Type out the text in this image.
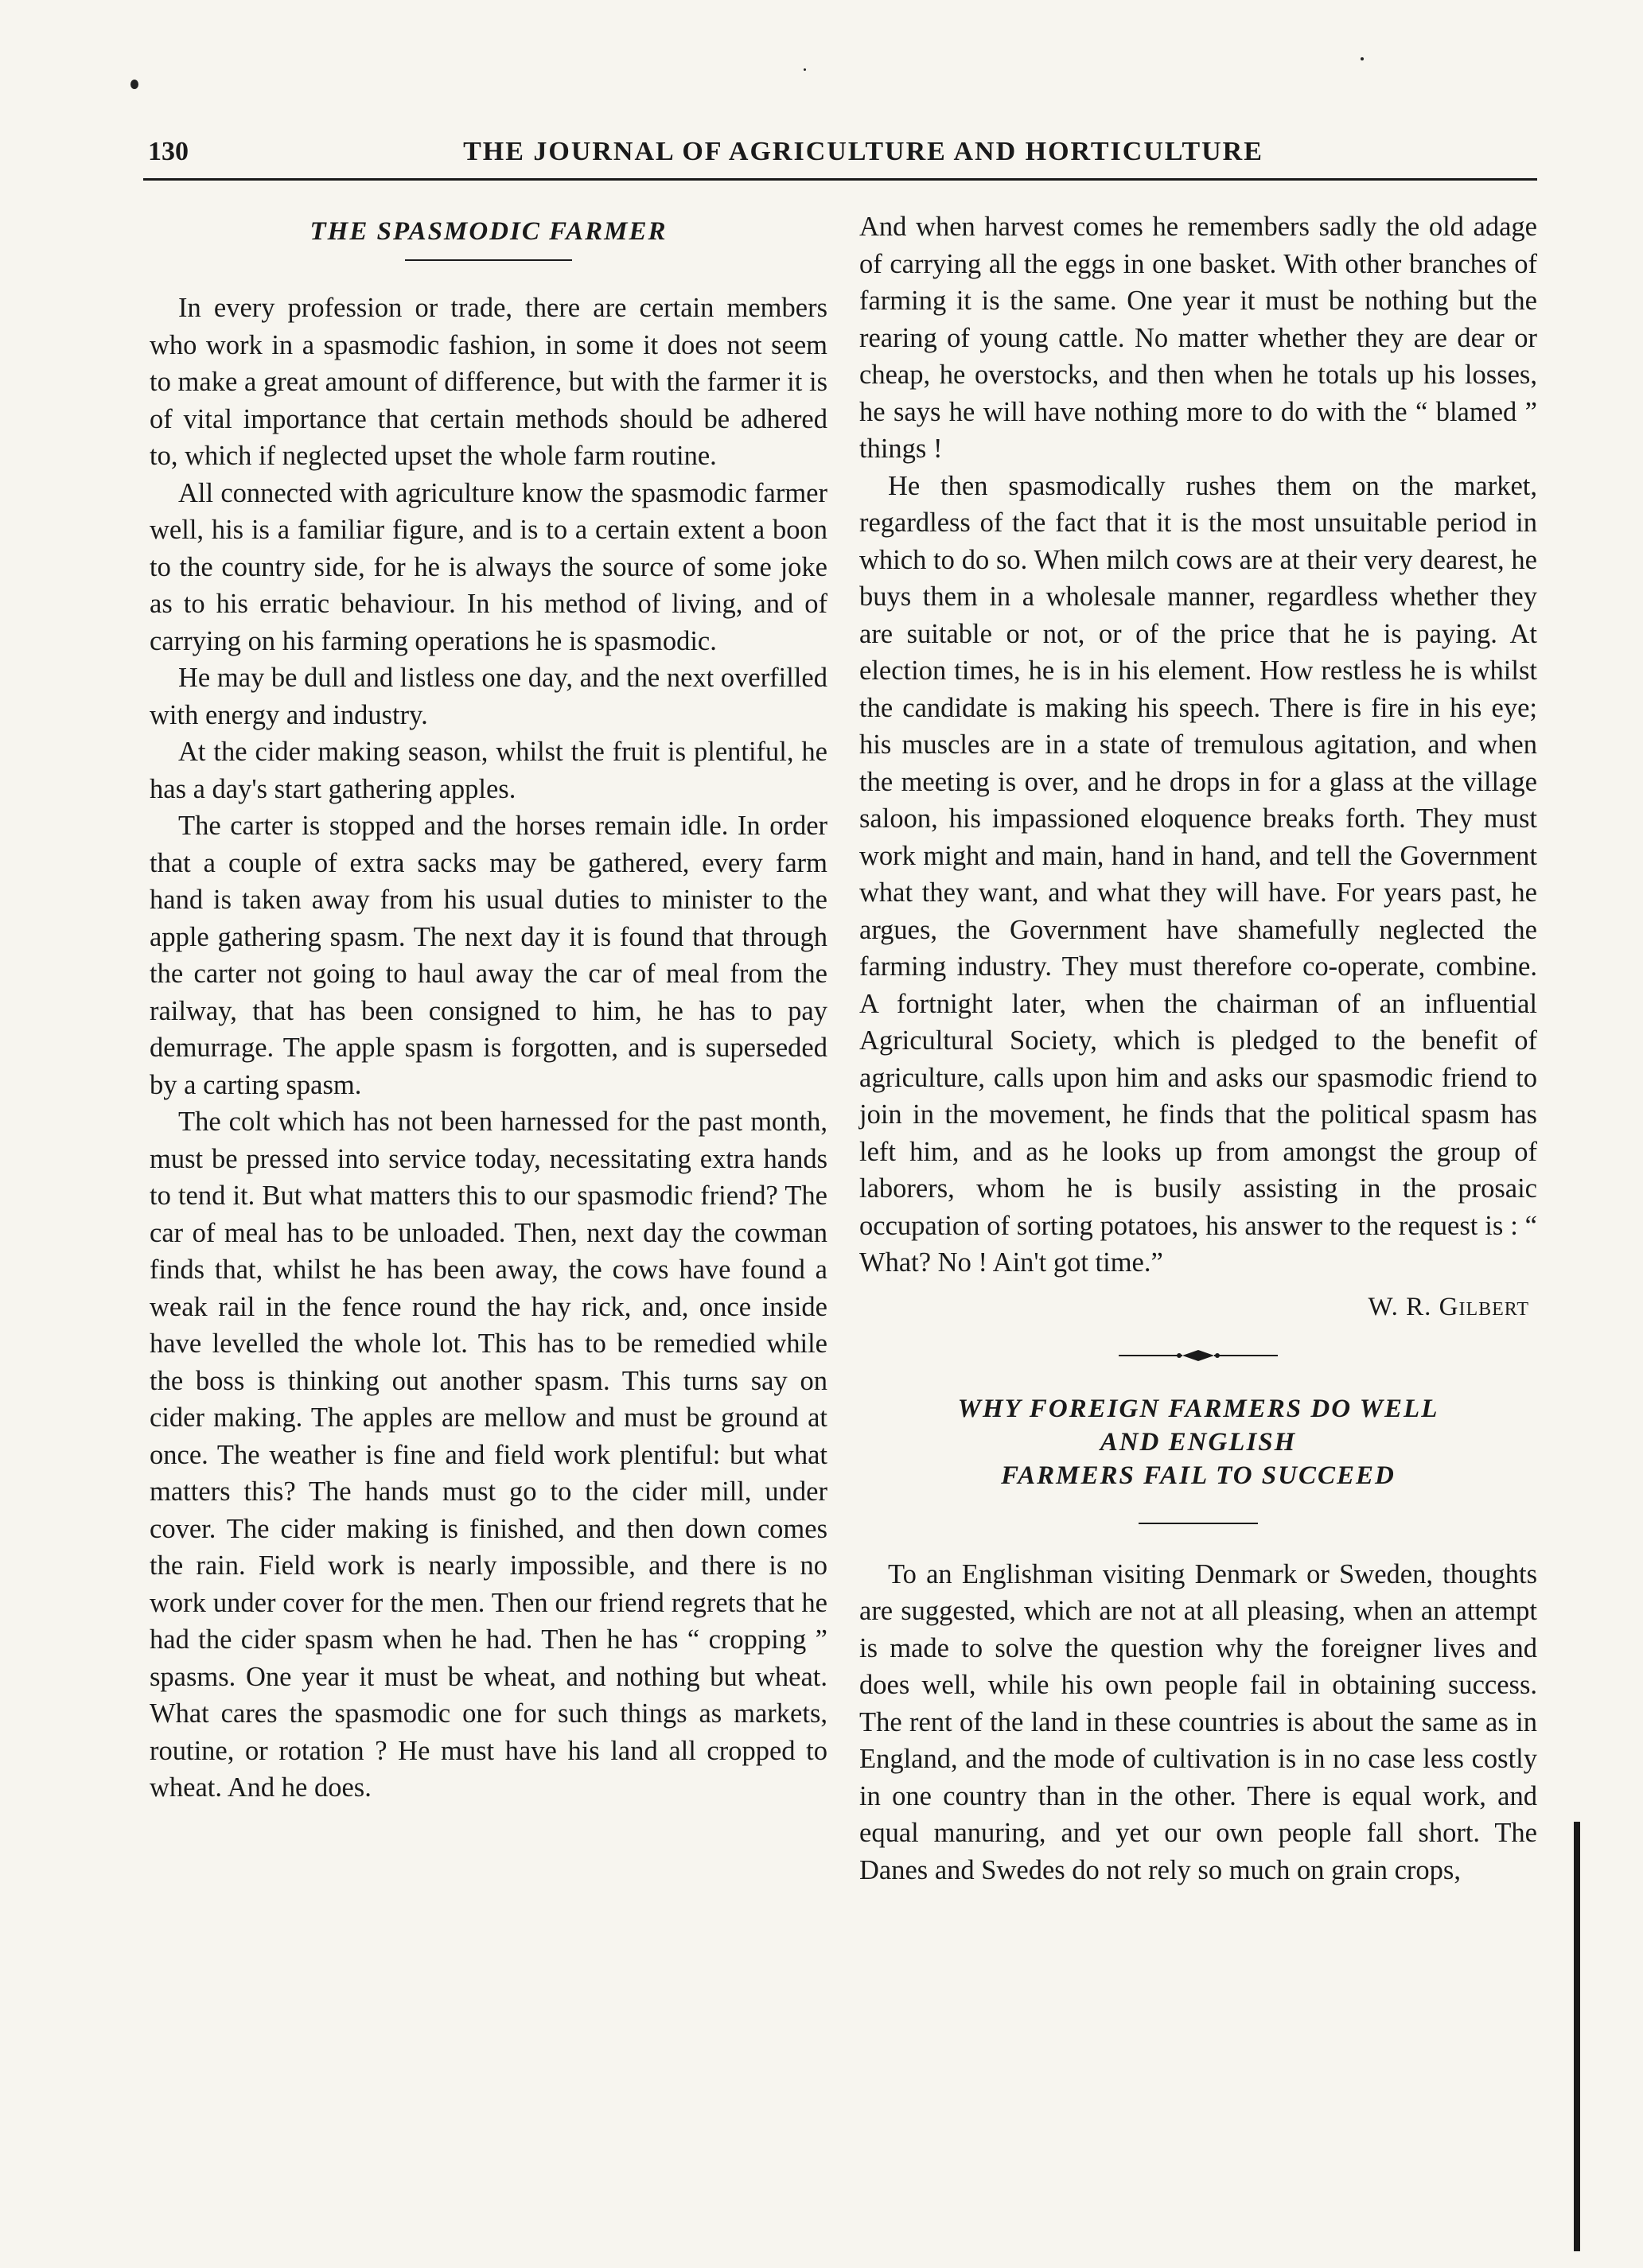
130	THE JOURNAL OF AGRICULTURE AND HORTICULTURE
THE SPASMODIC FARMER

In every profession or trade, there are certain members who work in a spasmodic fashion, in some it does not seem to make a great amount of difference, but with the farmer it is of vital importance that certain methods should be adhered to, which if neglected upset the whole farm routine.

All connected with agriculture know the spasmodic farmer well, his is a familiar figure, and is to a certain extent a boon to the country side, for he is always the source of some joke as to his erratic behaviour. In his method of living, and of carrying on his farming operations he is spasmodic.

He may be dull and listless one day, and the next overfilled with energy and industry.

At the cider making season, whilst the fruit is plentiful, he has a day's start gathering apples.

The carter is stopped and the horses remain idle. In order that a couple of extra sacks may be gathered, every farm hand is taken away from his usual duties to minister to the apple gathering spasm. The next day it is found that through the carter not going to haul away the car of meal from the railway, that has been consigned to him, he has to pay demurrage. The apple spasm is forgotten, and is superseded by a carting spasm.

The colt which has not been harnessed for the past month, must be pressed into service today, necessitating extra hands to tend it. But what matters this to our spasmodic friend? The car of meal has to be unloaded. Then, next day the cowman finds that, whilst he has been away, the cows have found a weak rail in the fence round the hay rick, and, once inside have levelled the whole lot. This has to be remedied while the boss is thinking out another spasm. This turns say on cider making. The apples are mellow and must be ground at once. The weather is fine and field work plentiful: but what matters this? The hands must go to the cider mill, under cover. The cider making is finished, and then down comes the rain. Field work is nearly impossible, and there is no work under cover for the men. Then our friend regrets that he had the cider spasm when he had. Then he has “ cropping ” spasms. One year it must be wheat, and nothing but wheat. What cares the spasmodic one for such things as markets, routine, or rotation ? He must have his land all cropped to wheat. And he does.

And when harvest comes he remembers sadly the old adage of carrying all the eggs in one basket. With other branches of farming it is the same. One year it must be nothing but the rearing of young cattle. No matter whether they are dear or cheap, he overstocks, and then when he totals up his losses, he says he will have nothing more to do with the “ blamed ” things !

He then spasmodically rushes them on the market, regardless of the fact that it is the most unsuitable period in which to do so. When milch cows are at their very dearest, he buys them in a wholesale manner, regardless whether they are suitable or not, or of the price that he is paying. At election times, he is in his element. How restless he is whilst the candidate is making his speech. There is fire in his eye; his muscles are in a state of tremulous agitation, and when the meeting is over, and he drops in for a glass at the village saloon, his impassioned eloquence breaks forth. They must work might and main, hand in hand, and tell the Government what they want, and what they will have. For years past, he argues, the Government have shamefully neglected the farming industry. They must therefore co-operate, combine. A fortnight later, when the chairman of an influential Agricultural Society, which is pledged to the benefit of agriculture, calls upon him and asks our spasmodic friend to join in the movement, he finds that the political spasm has left him, and as he looks up from amongst the group of laborers, whom he is busily assisting in the prosaic occupation of sorting potatoes, his answer to the request is : “ What? No ! Ain't got time.”

W. R. GILBERT
WHY FOREIGN FARMERS DO WELL
AND ENGLISH
FARMERS FAIL TO SUCCEED

To an Englishman visiting Denmark or Sweden, thoughts are suggested, which are not at all pleasing, when an attempt is made to solve the question why the foreigner lives and does well, while his own people fail in obtaining success. The rent of the land in these countries is about the same as in England, and the mode of cultivation is in no case less costly in one country than in the other. There is equal work, and equal manuring, and yet our own people fall short. The Danes and Swedes do not rely so much on grain crops,
